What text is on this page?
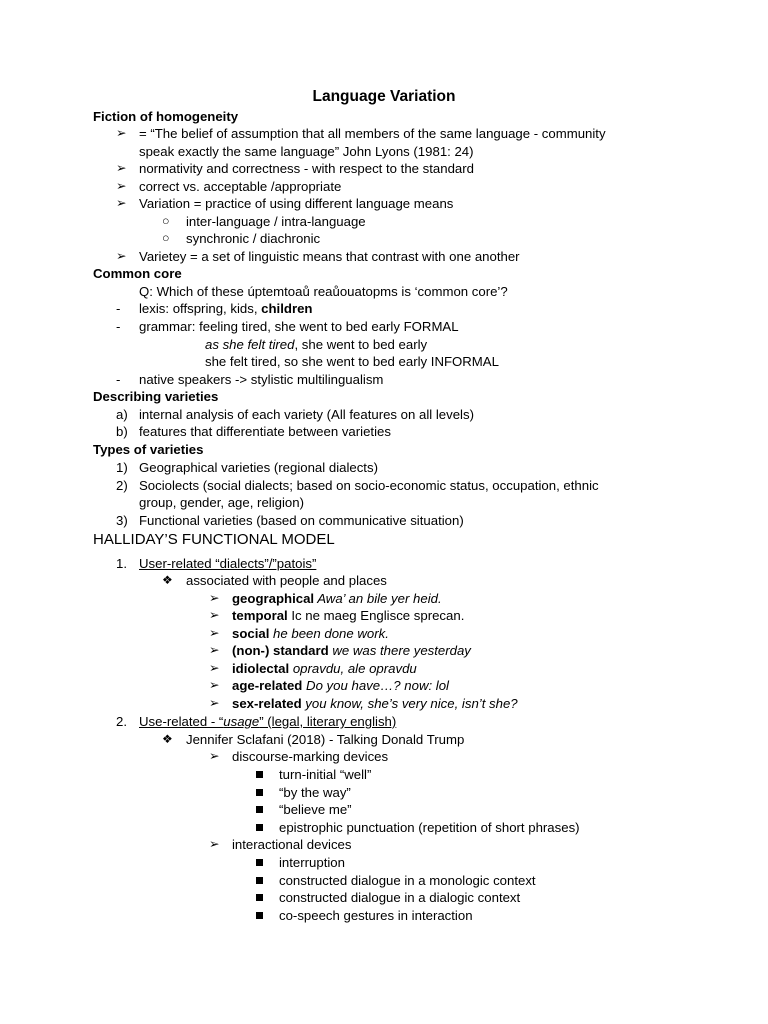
Language Variation
Fiction of homogeneity
➢ = “The belief of assumption that all members of the same language - community
speak exactly the same language” John Lyons (1981: 24)
➢ normativity and correctness - with respect to the standard
➢ correct vs. acceptable /appropriate
➢ Variation = practice of using different language means
○ inter-language / intra-language
○ synchronic / diachronic
➢ Varietey = a set of linguistic means that contrast with one another
Common core
Q: Which of these úptemtoaů reaůouatopms is ‘common core’?
- lexis: offspring, kids, children
- grammar: feeling tired, she went to bed early FORMAL
as she felt tired, she went to bed early
she felt tired, so she went to bed early INFORMAL
- native speakers -> stylistic multilingualism
Describing varieties
a) internal analysis of each variety (All features on all levels)
b) features that differentiate between varieties
Types of varieties
1) Geographical varieties (regional dialects)
2) Sociolects (social dialects; based on socio-economic status, occupation, ethnic
group, gender, age, religion)
3) Functional varieties (based on communicative situation)
HALLIDAY’S FUNCTIONAL MODEL
1. User-related “dialects”/”patois”
❖ associated with people and places
➢ geographical Awa’ an bile yer heid.
➢ temporal Ic ne maeg Englisce sprecan.
➢ social he been done work.
➢ (non-) standard we was there yesterday
➢ idiolectal opravdu, ale opravdu
➢ age-related Do you have…? now: lol
➢ sex-related you know, she’s very nice, isn’t she?
2. Use-related - “usage” (legal, literary english)
❖ Jennifer Sclafani (2018) - Talking Donald Trump
➢ discourse-marking devices
turn-initial “well”
“by the way”
“believe me”
epistrophic punctuation (repetition of short phrases)
➢ interactional devices
interruption
constructed dialogue in a monologic context
constructed dialogue in a dialogic context
co-speech gestures in interaction
